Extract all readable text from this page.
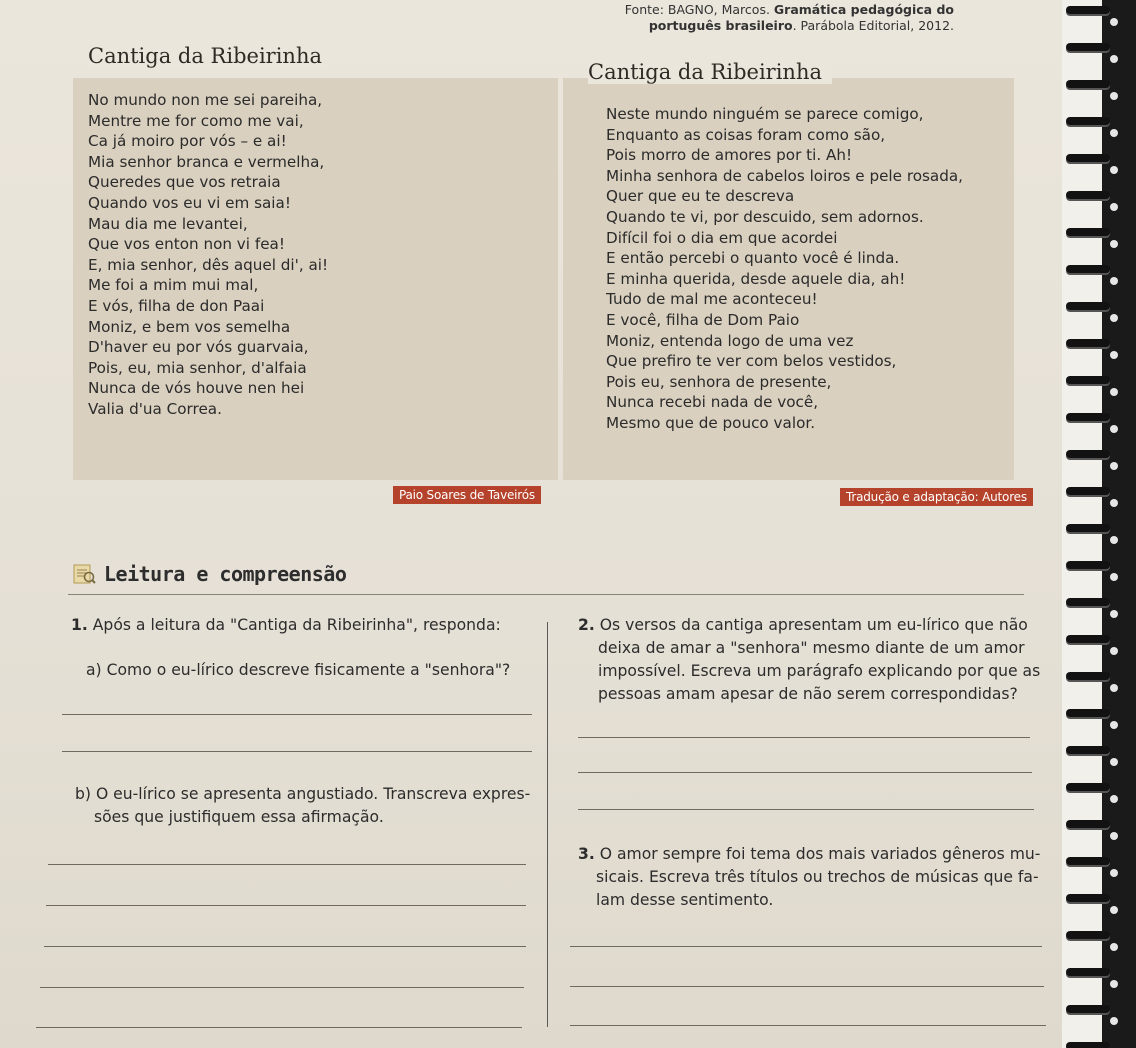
Fonte: BAGNO, Marcos. Gramática pedagógica do
português brasileiro. Parábola Editorial, 2012.
Cantiga da Ribeirinha
No mundo non me sei pareiha,
Mentre me for como me vai,
Ca já moiro por vós – e ai!
Mia senhor branca e vermelha,
Queredes que vos retraia
Quando vos eu vi em saia!
Mau dia me levantei,
Que vos enton non vi fea!
E, mia senhor, dês aquel di', ai!
Me foi a mim mui mal,
E vós, filha de don Paai
Moniz, e bem vos semelha
D'haver eu por vós guarvaia,
Pois, eu, mia senhor, d'alfaia
Nunca de vós houve nen hei
Valia d'ua Correa.
Paio Soares de Taveirós
Cantiga da Ribeirinha
Neste mundo ninguém se parece comigo,
Enquanto as coisas foram como são,
Pois morro de amores por ti. Ah!
Minha senhora de cabelos loiros e pele rosada,
Quer que eu te descreva
Quando te vi, por descuido, sem adornos.
Difícil foi o dia em que acordei
E então percebi o quanto você é linda.
E minha querida, desde aquele dia, ah!
Tudo de mal me aconteceu!
E você, filha de Dom Paio
Moniz, entenda logo de uma vez
Que prefiro te ver com belos vestidos,
Pois eu, senhora de presente,
Nunca recebi nada de você,
Mesmo que de pouco valor.
Tradução e adaptação: Autores
Leitura e compreensão
1. Após a leitura da "Cantiga da Ribeirinha", responda:
a) Como o eu-lírico descreve fisicamente a "senhora"?
b) O eu-lírico se apresenta angustiado. Transcreva expres-
sões que justifiquem essa afirmação.
2. Os versos da cantiga apresentam um eu-lírico que não
deixa de amar a "senhora" mesmo diante de um amor
impossível. Escreva um parágrafo explicando por que as
pessoas amam apesar de não serem correspondidas?
3. O amor sempre foi tema dos mais variados gêneros mu-
sicais. Escreva três títulos ou trechos de músicas que fa-
lam desse sentimento.
